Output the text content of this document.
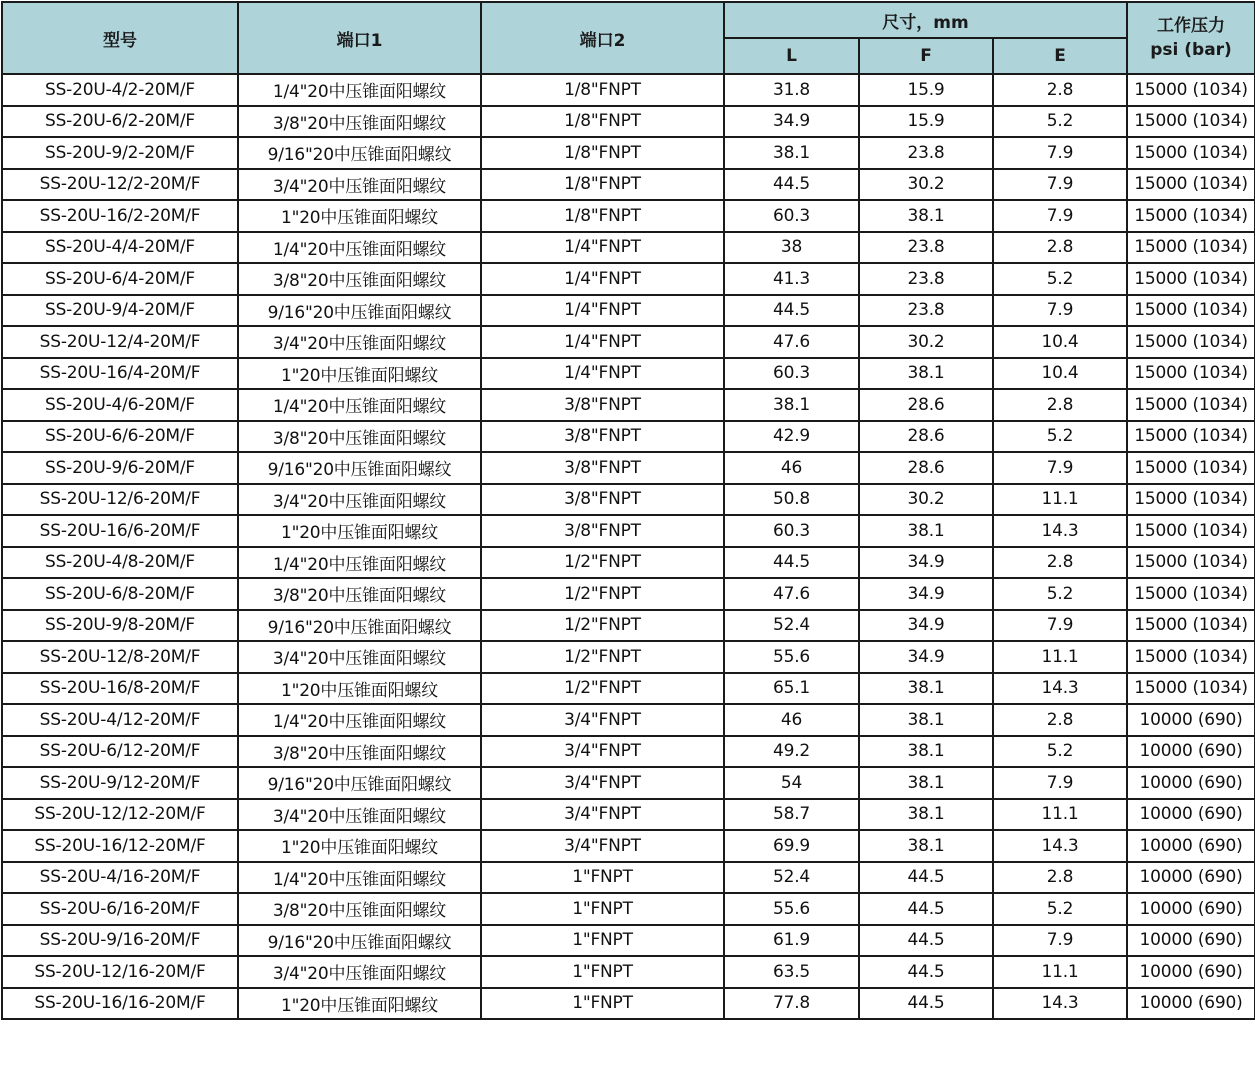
型号	端口1	端口2	尺寸，mm			工作压力
psi (bar)

			L	F	E	
SS-20U-4/2-20M/F	1/4"20中压锥面阳螺纹	1/8"FNPT	31.8	15.9	2.8	15000 (1034)
SS-20U-6/2-20M/F	3/8"20中压锥面阳螺纹	1/8"FNPT	34.9	15.9	5.2	15000 (1034)
SS-20U-9/2-20M/F	9/16"20中压锥面阳螺纹	1/8"FNPT	38.1	23.8	7.9	15000 (1034)
SS-20U-12/2-20M/F	3/4"20中压锥面阳螺纹	1/8"FNPT	44.5	30.2	7.9	15000 (1034)
SS-20U-16/2-20M/F	1"20中压锥面阳螺纹	1/8"FNPT	60.3	38.1	7.9	15000 (1034)
SS-20U-4/4-20M/F	1/4"20中压锥面阳螺纹	1/4"FNPT	38	23.8	2.8	15000 (1034)
SS-20U-6/4-20M/F	3/8"20中压锥面阳螺纹	1/4"FNPT	41.3	23.8	5.2	15000 (1034)
SS-20U-9/4-20M/F	9/16"20中压锥面阳螺纹	1/4"FNPT	44.5	23.8	7.9	15000 (1034)
SS-20U-12/4-20M/F	3/4"20中压锥面阳螺纹	1/4"FNPT	47.6	30.2	10.4	15000 (1034)
SS-20U-16/4-20M/F	1"20中压锥面阳螺纹	1/4"FNPT	60.3	38.1	10.4	15000 (1034)
SS-20U-4/6-20M/F	1/4"20中压锥面阳螺纹	3/8"FNPT	38.1	28.6	2.8	15000 (1034)
SS-20U-6/6-20M/F	3/8"20中压锥面阳螺纹	3/8"FNPT	42.9	28.6	5.2	15000 (1034)
SS-20U-9/6-20M/F	9/16"20中压锥面阳螺纹	3/8"FNPT	46	28.6	7.9	15000 (1034)
SS-20U-12/6-20M/F	3/4"20中压锥面阳螺纹	3/8"FNPT	50.8	30.2	11.1	15000 (1034)
SS-20U-16/6-20M/F	1"20中压锥面阳螺纹	3/8"FNPT	60.3	38.1	14.3	15000 (1034)
SS-20U-4/8-20M/F	1/4"20中压锥面阳螺纹	1/2"FNPT	44.5	34.9	2.8	15000 (1034)
SS-20U-6/8-20M/F	3/8"20中压锥面阳螺纹	1/2"FNPT	47.6	34.9	5.2	15000 (1034)
SS-20U-9/8-20M/F	9/16"20中压锥面阳螺纹	1/2"FNPT	52.4	34.9	7.9	15000 (1034)
SS-20U-12/8-20M/F	3/4"20中压锥面阳螺纹	1/2"FNPT	55.6	34.9	11.1	15000 (1034)
SS-20U-16/8-20M/F	1"20中压锥面阳螺纹	1/2"FNPT	65.1	38.1	14.3	15000 (1034)
SS-20U-4/12-20M/F	1/4"20中压锥面阳螺纹	3/4"FNPT	46	38.1	2.8	10000 (690)
SS-20U-6/12-20M/F	3/8"20中压锥面阳螺纹	3/4"FNPT	49.2	38.1	5.2	10000 (690)
SS-20U-9/12-20M/F	9/16"20中压锥面阳螺纹	3/4"FNPT	54	38.1	7.9	10000 (690)
SS-20U-12/12-20M/F	3/4"20中压锥面阳螺纹	3/4"FNPT	58.7	38.1	11.1	10000 (690)
SS-20U-16/12-20M/F	1"20中压锥面阳螺纹	3/4"FNPT	69.9	38.1	14.3	10000 (690)
SS-20U-4/16-20M/F	1/4"20中压锥面阳螺纹	1"FNPT	52.4	44.5	2.8	10000 (690)
SS-20U-6/16-20M/F	3/8"20中压锥面阳螺纹	1"FNPT	55.6	44.5	5.2	10000 (690)
SS-20U-9/16-20M/F	9/16"20中压锥面阳螺纹	1"FNPT	61.9	44.5	7.9	10000 (690)
SS-20U-12/16-20M/F	3/4"20中压锥面阳螺纹	1"FNPT	63.5	44.5	11.1	10000 (690)
SS-20U-16/16-20M/F	1"20中压锥面阳螺纹	1"FNPT	77.8	44.5	14.3	10000 (690)
